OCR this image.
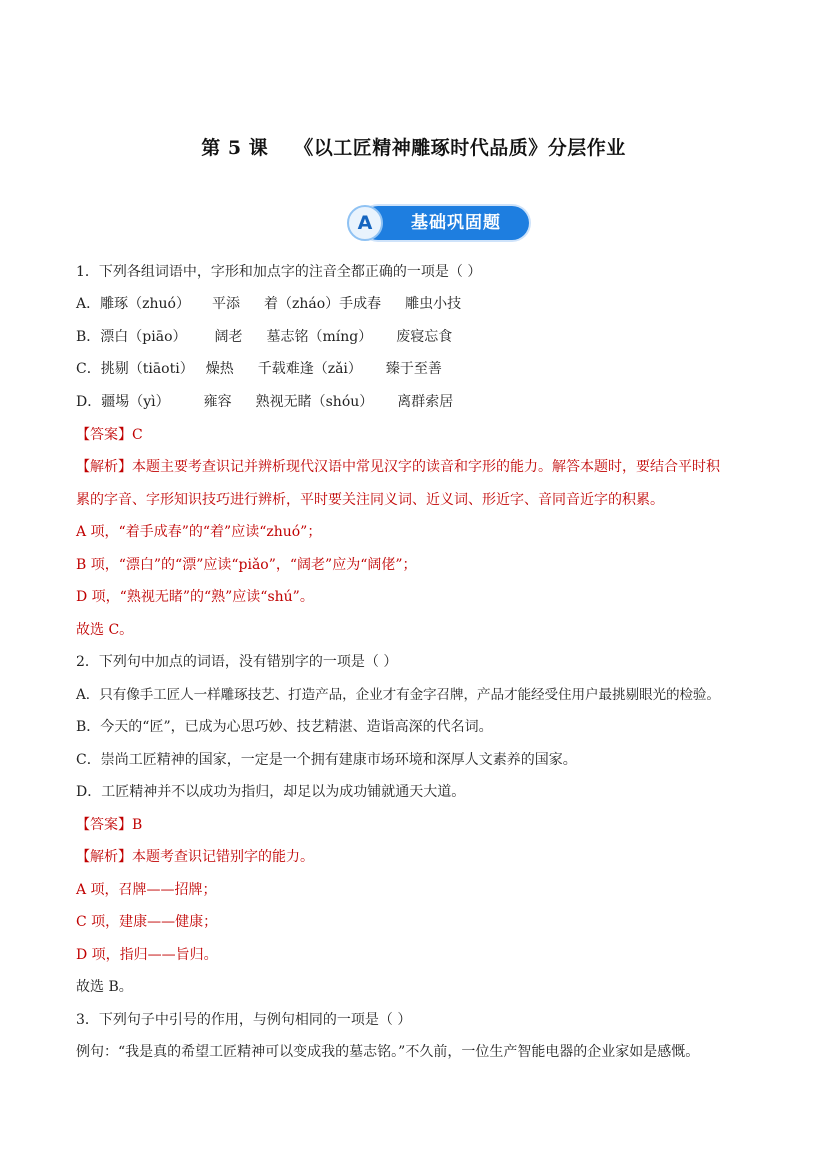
第 5 课 《以工匠精神雕琢时代品质》分层作业
A	基础巩固题
1．下列各组词语中，字形和加点字的注音全都正确的一项是（ ）
A．雕琢（zhuó） 平添 着（zháo）手成春 雕虫小技
B．漂白（piāo） 阔老 墓志铭（míng） 废寝忘食
C．挑剔（tiāoti） 燥热 千载难逢（zǎi） 臻于至善
D．疆埸（yì） 雍容 熟视无睹（shóu） 离群索居
【答案】C
【解析】本题主要考查识记并辨析现代汉语中常见汉字的读音和字形的能力。解答本题时，要结合平时积
累的字音、字形知识技巧进行辨析，平时要关注同义词、近义词、形近字、音同音近字的积累。
A 项，“着手成春”的“着”应读“zhuó”；
B 项，“漂白”的“漂”应读“piǎo”，“阔老”应为“阔佬”；
D 项，“熟视无睹”的“熟”应读“shú”。
故选 C。
2．下列句中加点的词语，没有错别字的一项是（ ）
A．只有像手工匠人一样雕琢技艺、打造产品，企业才有金字召牌，产品才能经受住用户最挑剔眼光的检验。
B．今天的“匠”，已成为心思巧妙、技艺精湛、造诣高深的代名词。
C．崇尚工匠精神的国家，一定是一个拥有建康市场环境和深厚人文素养的国家。
D．工匠精神并不以成功为指归，却足以为成功铺就通天大道。
【答案】B
【解析】本题考查识记错别字的能力。
A 项，召牌——招牌；
C 项，建康——健康；
D 项，指归——旨归。
故选 B。
3．下列句子中引号的作用，与例句相同的一项是（ ）
例句：“我是真的希望工匠精神可以变成我的墓志铭。”不久前，一位生产智能电器的企业家如是感慨。
